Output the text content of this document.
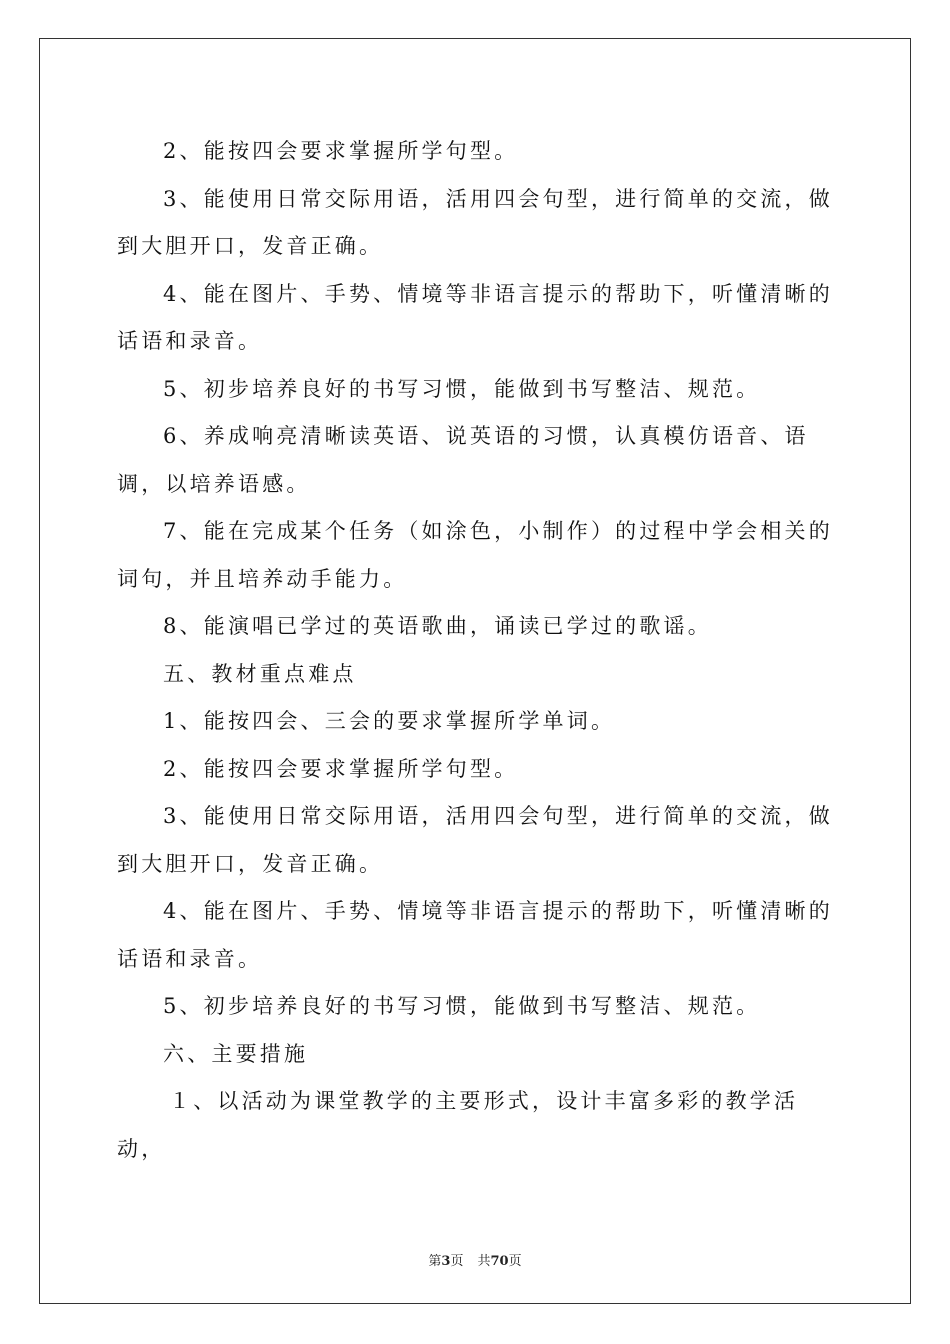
2、能按四会要求掌握所学句型。

3、能使用日常交际用语，活用四会句型，进行简单的交流，做到大胆开口，发音正确。

4、能在图片、手势、情境等非语言提示的帮助下，听懂清晰的话语和录音。

5、初步培养良好的书写习惯，能做到书写整洁、规范。

6、养成响亮清晰读英语、说英语的习惯，认真模仿语音、语调，以培养语感。

7、能在完成某个任务（如涂色，小制作）的过程中学会相关的词句，并且培养动手能力。

8、能演唱已学过的英语歌曲，诵读已学过的歌谣。

五、教材重点难点

1、能按四会、三会的要求掌握所学单词。

2、能按四会要求掌握所学句型。

3、能使用日常交际用语，活用四会句型，进行简单的交流，做到大胆开口，发音正确。

4、能在图片、手势、情境等非语言提示的帮助下，听懂清晰的话语和录音。

5、初步培养良好的书写习惯，能做到书写整洁、规范。

六、主要措施

１、以活动为课堂教学的主要形式，设计丰富多彩的教学活动，

第3页 共70页
